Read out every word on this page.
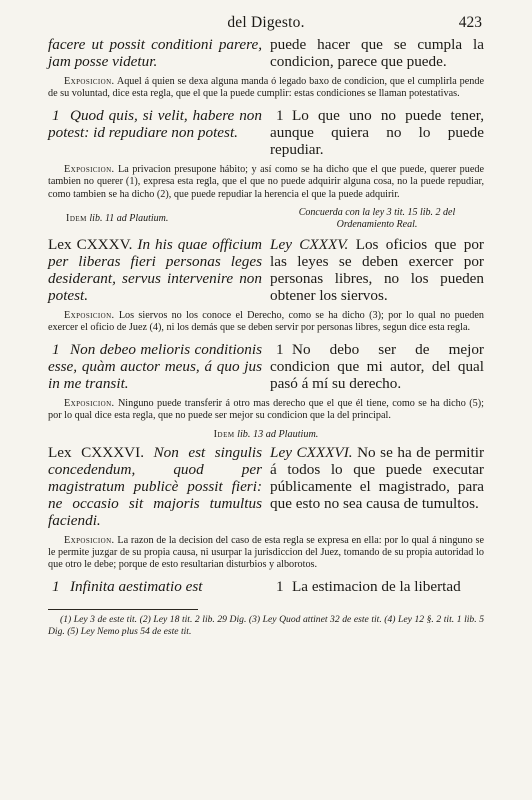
del Digesto.	423
facere ut possit conditioni parere, jam posse videtur.
puede hacer que se cumpla la condicion, parece que puede.

Exposicion. Aquel á quien se dexa alguna manda ó legado baxo de condicion, que el cumplirla pende de su voluntad, dice esta regla, que el que la puede cumplir: estas condiciones se llaman potestativas.

1 Quod quis, si velit, habere non potest: id repudiare non potest.
1 Lo que uno no puede tener, aunque quiera no lo puede repudiar.

Exposicion. La privacion presupone hábito; y así como se ha dicho que el que puede, querer puede tambien no querer (1), expresa esta regla, que el que no puede adquirir alguna cosa, no la puede repudiar, como tambien se ha dicho (2), que puede repudiar la herencia el que la puede adquirir.

Idem lib. 11 ad Plautium.
Concuerda con la ley 3 tit. 15 lib. 2 del Ordenamiento Real.
Lex CXXXV. In his quae officium per liberas fieri personas leges desiderant, servus intervenire non potest.
Ley CXXXV. Los oficios que por las leyes se deben exercer por personas libres, no los pueden obtener los siervos.

Exposicion. Los siervos no los conoce el Derecho, como se ha dicho (3); por lo qual no pueden exercer el oficio de Juez (4), ni los demás que se deben servir por personas libres, segun dice esta regla.

1 Non debeo melioris conditionis esse, quàm auctor meus, á quo jus in me transit.
1 No debo ser de mejor condicion que mi autor, del qual pasó á mí su derecho.

Exposicion. Ninguno puede transferir á otro mas derecho que el que él tiene, como se ha dicho (5); por lo qual dice esta regla, que no puede ser mejor su condicion que la del principal.

Idem lib. 13 ad Plautium.
Lex CXXXVI. Non est singulis concedendum, quod per magistratum publicè possit fieri: ne occasio sit majoris tumultus faciendi.
Ley CXXXVI. No se ha de permitir á todos lo que puede executar públicamente el magistrado, para que esto no sea causa de tumultos.

Exposicion. La razon de la decision del caso de esta regla se expresa en ella: por lo qual á ninguno se le permite juzgar de su propia causa, ni usurpar la jurisdiccion del Juez, tomando de su propia autoridad lo que otro le debe; porque de esto resultarian disturbios y alborotos.

1 Infinita aestimatio est	1 La estimacion de la libertad

(1) Ley 3 de este tit. (2) Ley 18 tit. 2 lib. 29 Dig. (3) Ley Quod attinet 32 de este tit. (4) Ley 12 §. 2 tit. 1 lib. 5 Dig. (5) Ley Nemo plus 54 de este tit.
